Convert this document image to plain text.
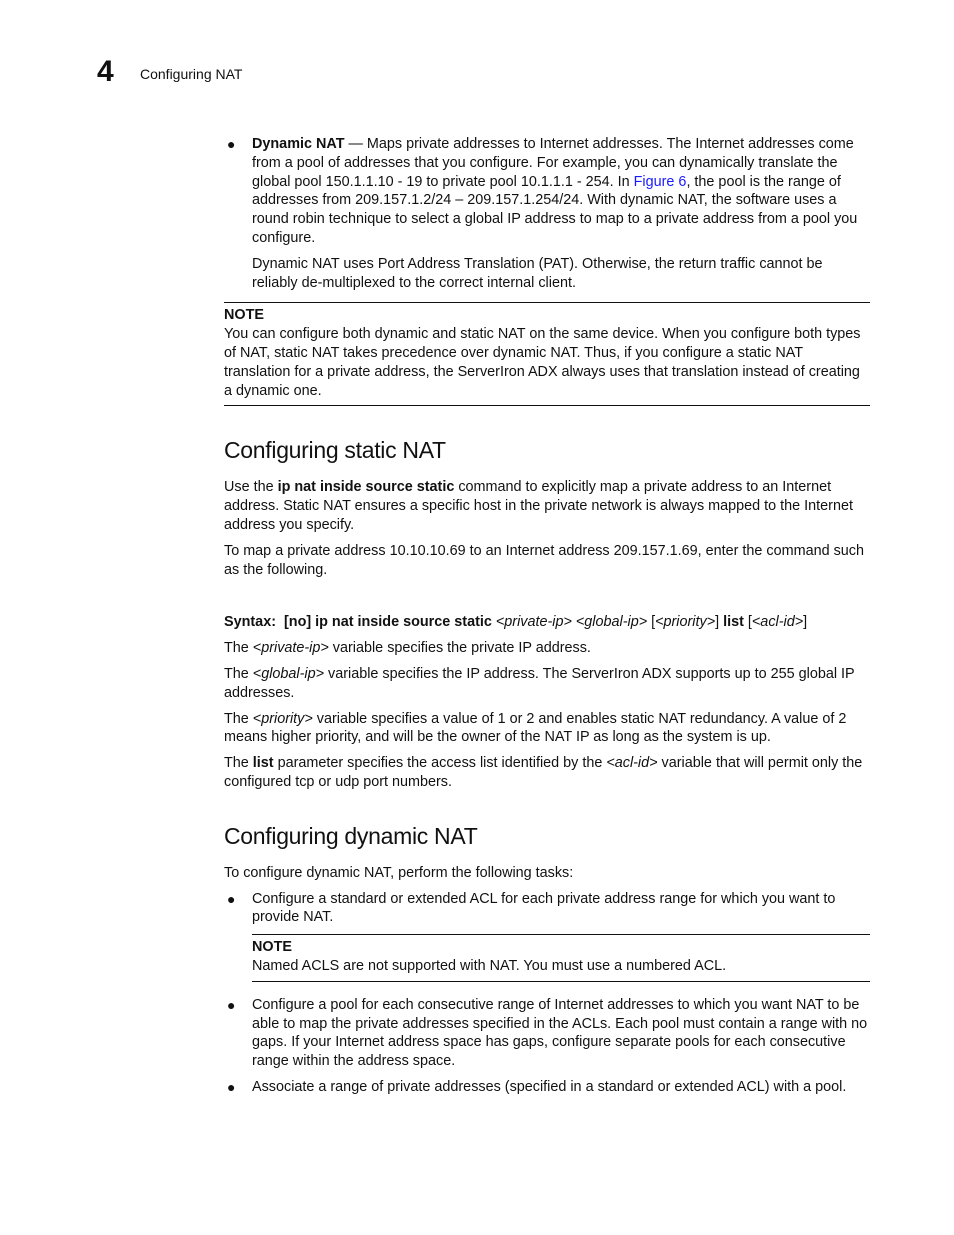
4 Configuring NAT
● Dynamic NAT — Maps private addresses to Internet addresses. The Internet addresses come from a pool of addresses that you configure. For example, you can dynamically translate the global pool 150.1.1.10 - 19 to private pool 10.1.1.1 - 254. In Figure 6, the pool is the range of addresses from 209.157.1.2/24 – 209.157.1.254/24. With dynamic NAT, the software uses a round robin technique to select a global IP address to map to a private address from a pool you configure.

Dynamic NAT uses Port Address Translation (PAT). Otherwise, the return traffic cannot be reliably de-multiplexed to the correct internal client.

NOTE
You can configure both dynamic and static NAT on the same device. When you configure both types of NAT, static NAT takes precedence over dynamic NAT. Thus, if you configure a static NAT translation for a private address, the ServerIron ADX always uses that translation instead of creating a dynamic one.
Configuring static NAT

Use the ip nat inside source static command to explicitly map a private address to an Internet address. Static NAT ensures a specific host in the private network is always mapped to the Internet address you specify.

To map a private address 10.10.10.69 to an Internet address 209.157.1.69, enter the command such as the following.

Syntax: [no] ip nat inside source static <private-ip> <global-ip> [<priority>] list [<acl-id>]

The <private-ip> variable specifies the private IP address.

The <global-ip> variable specifies the IP address. The ServerIron ADX supports up to 255 global IP addresses.

The <priority> variable specifies a value of 1 or 2 and enables static NAT redundancy. A value of 2 means higher priority, and will be the owner of the NAT IP as long as the system is up.

The list parameter specifies the access list identified by the <acl-id> variable that will permit only the configured tcp or udp port numbers.

Configuring dynamic NAT

To configure dynamic NAT, perform the following tasks:

● Configure a standard or extended ACL for each private address range for which you want to provide NAT.

NOTE
Named ACLS are not supported with NAT. You must use a numbered ACL.
● Configure a pool for each consecutive range of Internet addresses to which you want NAT to be able to map the private addresses specified in the ACLs. Each pool must contain a range with no gaps. If your Internet address space has gaps, configure separate pools for each consecutive range within the address space.

● Associate a range of private addresses (specified in a standard or extended ACL) with a pool.
